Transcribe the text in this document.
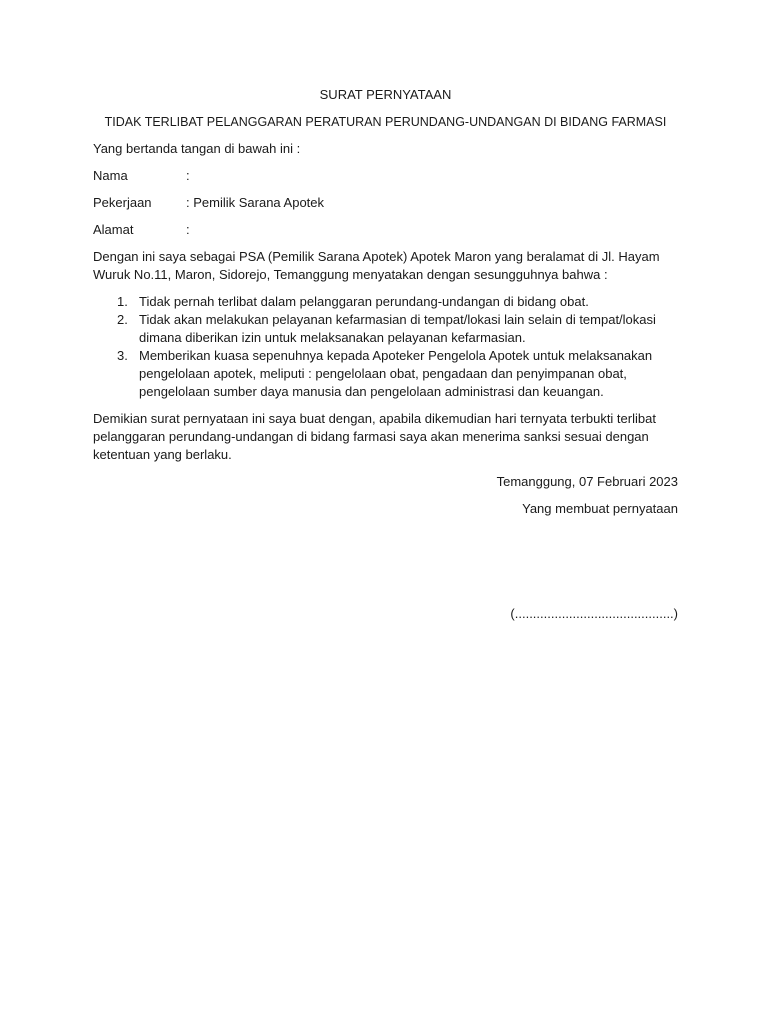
SURAT PERNYATAAN

TIDAK TERLIBAT PELANGGARAN PERATURAN PERUNDANG-UNDANGAN DI BIDANG FARMASI

Yang bertanda tangan di bawah ini :

Nama	:
Pekerjaan	: Pemilik Sarana Apotek
Alamat	:

Dengan ini saya sebagai PSA (Pemilik Sarana Apotek) Apotek Maron yang beralamat di Jl. Hayam Wuruk No.11, Maron, Sidorejo, Temanggung menyatakan dengan sesungguhnya bahwa :

1. Tidak pernah terlibat dalam pelanggaran perundang-undangan di bidang obat.
2. Tidak akan melakukan pelayanan kefarmasian di tempat/lokasi lain selain di tempat/lokasi dimana diberikan izin untuk melaksanakan pelayanan kefarmasian.
3. Memberikan kuasa sepenuhnya kepada Apoteker Pengelola Apotek untuk melaksanakan pengelolaan apotek, meliputi : pengelolaan obat, pengadaan dan penyimpanan obat, pengelolaan sumber daya manusia dan pengelolaan administrasi dan keuangan.

Demikian surat pernyataan ini saya buat dengan, apabila dikemudian hari ternyata terbukti terlibat pelanggaran perundang-undangan di bidang farmasi saya akan menerima sanksi sesuai dengan ketentuan yang berlaku.

Temanggung, 07 Februari 2023

Yang membuat pernyataan

(............................................)
